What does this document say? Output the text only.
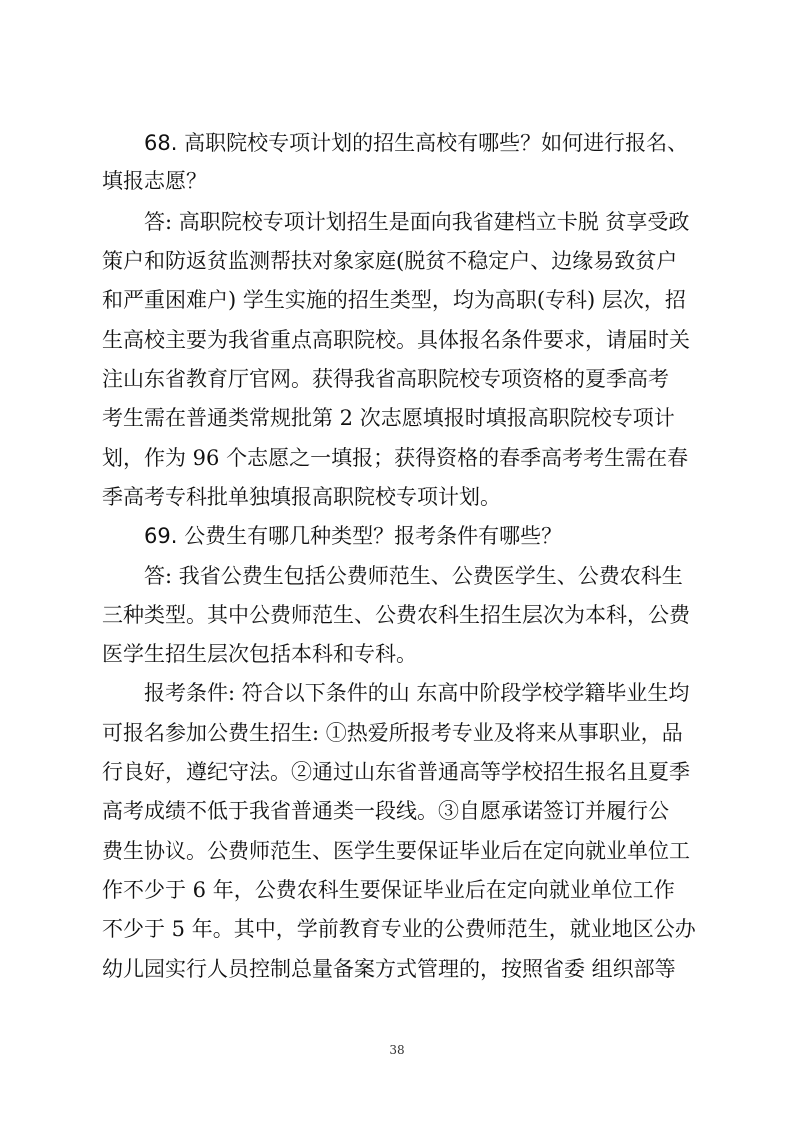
68. 高职院校专项计划的招生高校有哪些？如何进行报名、
填报志愿？
答: 高职院校专项计划招生是面向我省建档立卡脱 贫享受政
策户和防返贫监测帮扶对象家庭(脱贫不稳定户、边缘易致贫户
和严重困难户) 学生实施的招生类型，均为高职(专科) 层次，招
生高校主要为我省重点高职院校。具体报名条件要求，请届时关
注山东省教育厅官网。获得我省高职院校专项资格的夏季高考
考生需在普通类常规批第 2 次志愿填报时填报高职院校专项计
划，作为 96 个志愿之一填报；获得资格的春季高考考生需在春
季高考专科批单独填报高职院校专项计划。
69. 公费生有哪几种类型？报考条件有哪些？
答: 我省公费生包括公费师范生、公费医学生、公费农科生
三种类型。其中公费师范生、公费农科生招生层次为本科，公费
医学生招生层次包括本科和专科。
报考条件: 符合以下条件的山 东高中阶段学校学籍毕业生均
可报名参加公费生招生: ①热爱所报考专业及将来从事职业，品
行良好，遵纪守法。②通过山东省普通高等学校招生报名且夏季
高考成绩不低于我省普通类一段线。③自愿承诺签订并履行公
费生协议。公费师范生、医学生要保证毕业后在定向就业单位工
作不少于 6 年，公费农科生要保证毕业后在定向就业单位工作
不少于 5 年。其中，学前教育专业的公费师范生，就业地区公办
幼儿园实行人员控制总量备案方式管理的，按照省委 组织部等
38
